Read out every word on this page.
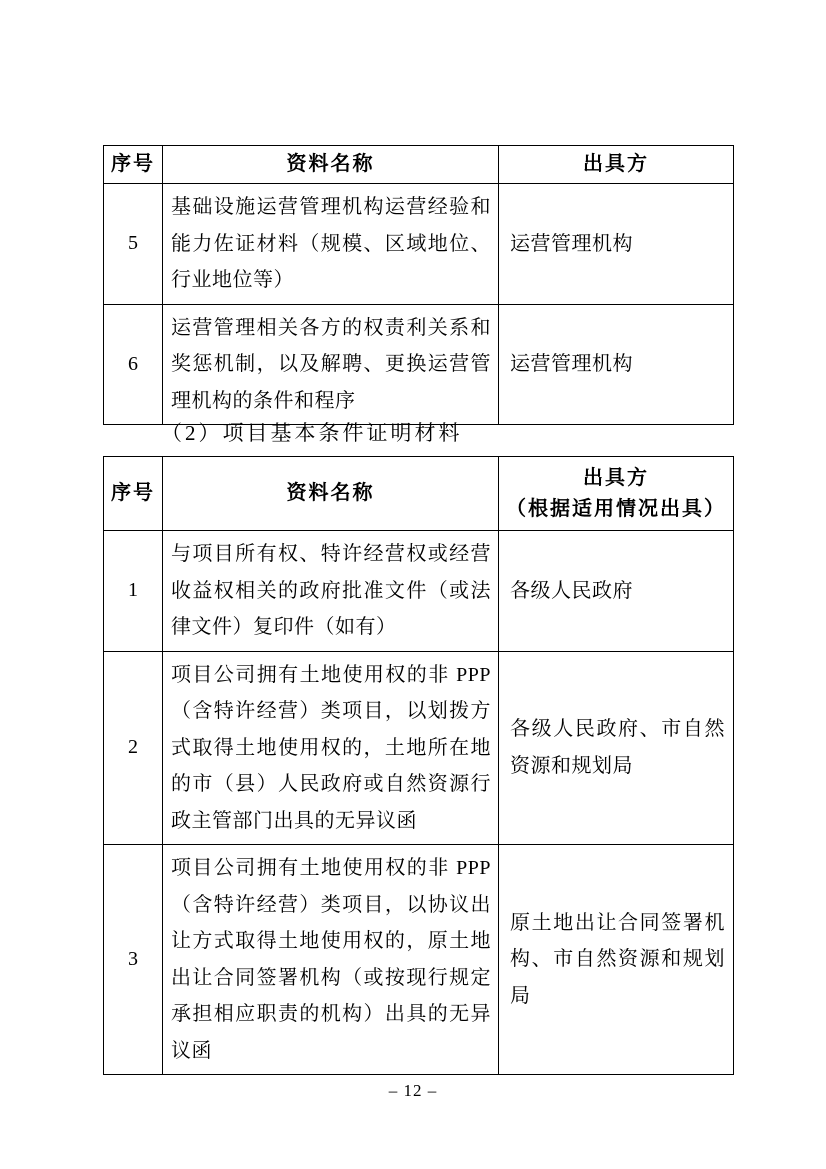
序号	资料名称	出具方
5	基础设施运营管理机构运营经验和能力佐证材料（规模、区域地位、行业地位等）	运营管理机构
6	运营管理相关各方的权责利关系和奖惩机制，以及解聘、更换运营管理机构的条件和程序	运营管理机构
（2）项目基本条件证明材料
序号	资料名称	出具方
（根据适用情况出具）

1	与项目所有权、特许经营权或经营收益权相关的政府批准文件（或法律文件）复印件（如有）	各级人民政府
2	项目公司拥有土地使用权的非 PPP（含特许经营）类项目，以划拨方式取得土地使用权的，土地所在地的市（县）人民政府或自然资源行政主管部门出具的无异议函	各级人民政府、市自然资源和规划局
3	项目公司拥有土地使用权的非 PPP（含特许经营）类项目，以协议出让方式取得土地使用权的，原土地出让合同签署机构（或按现行规定承担相应职责的机构）出具的无异议函	原土地出让合同签署机构、市自然资源和规划局
– 12 –
